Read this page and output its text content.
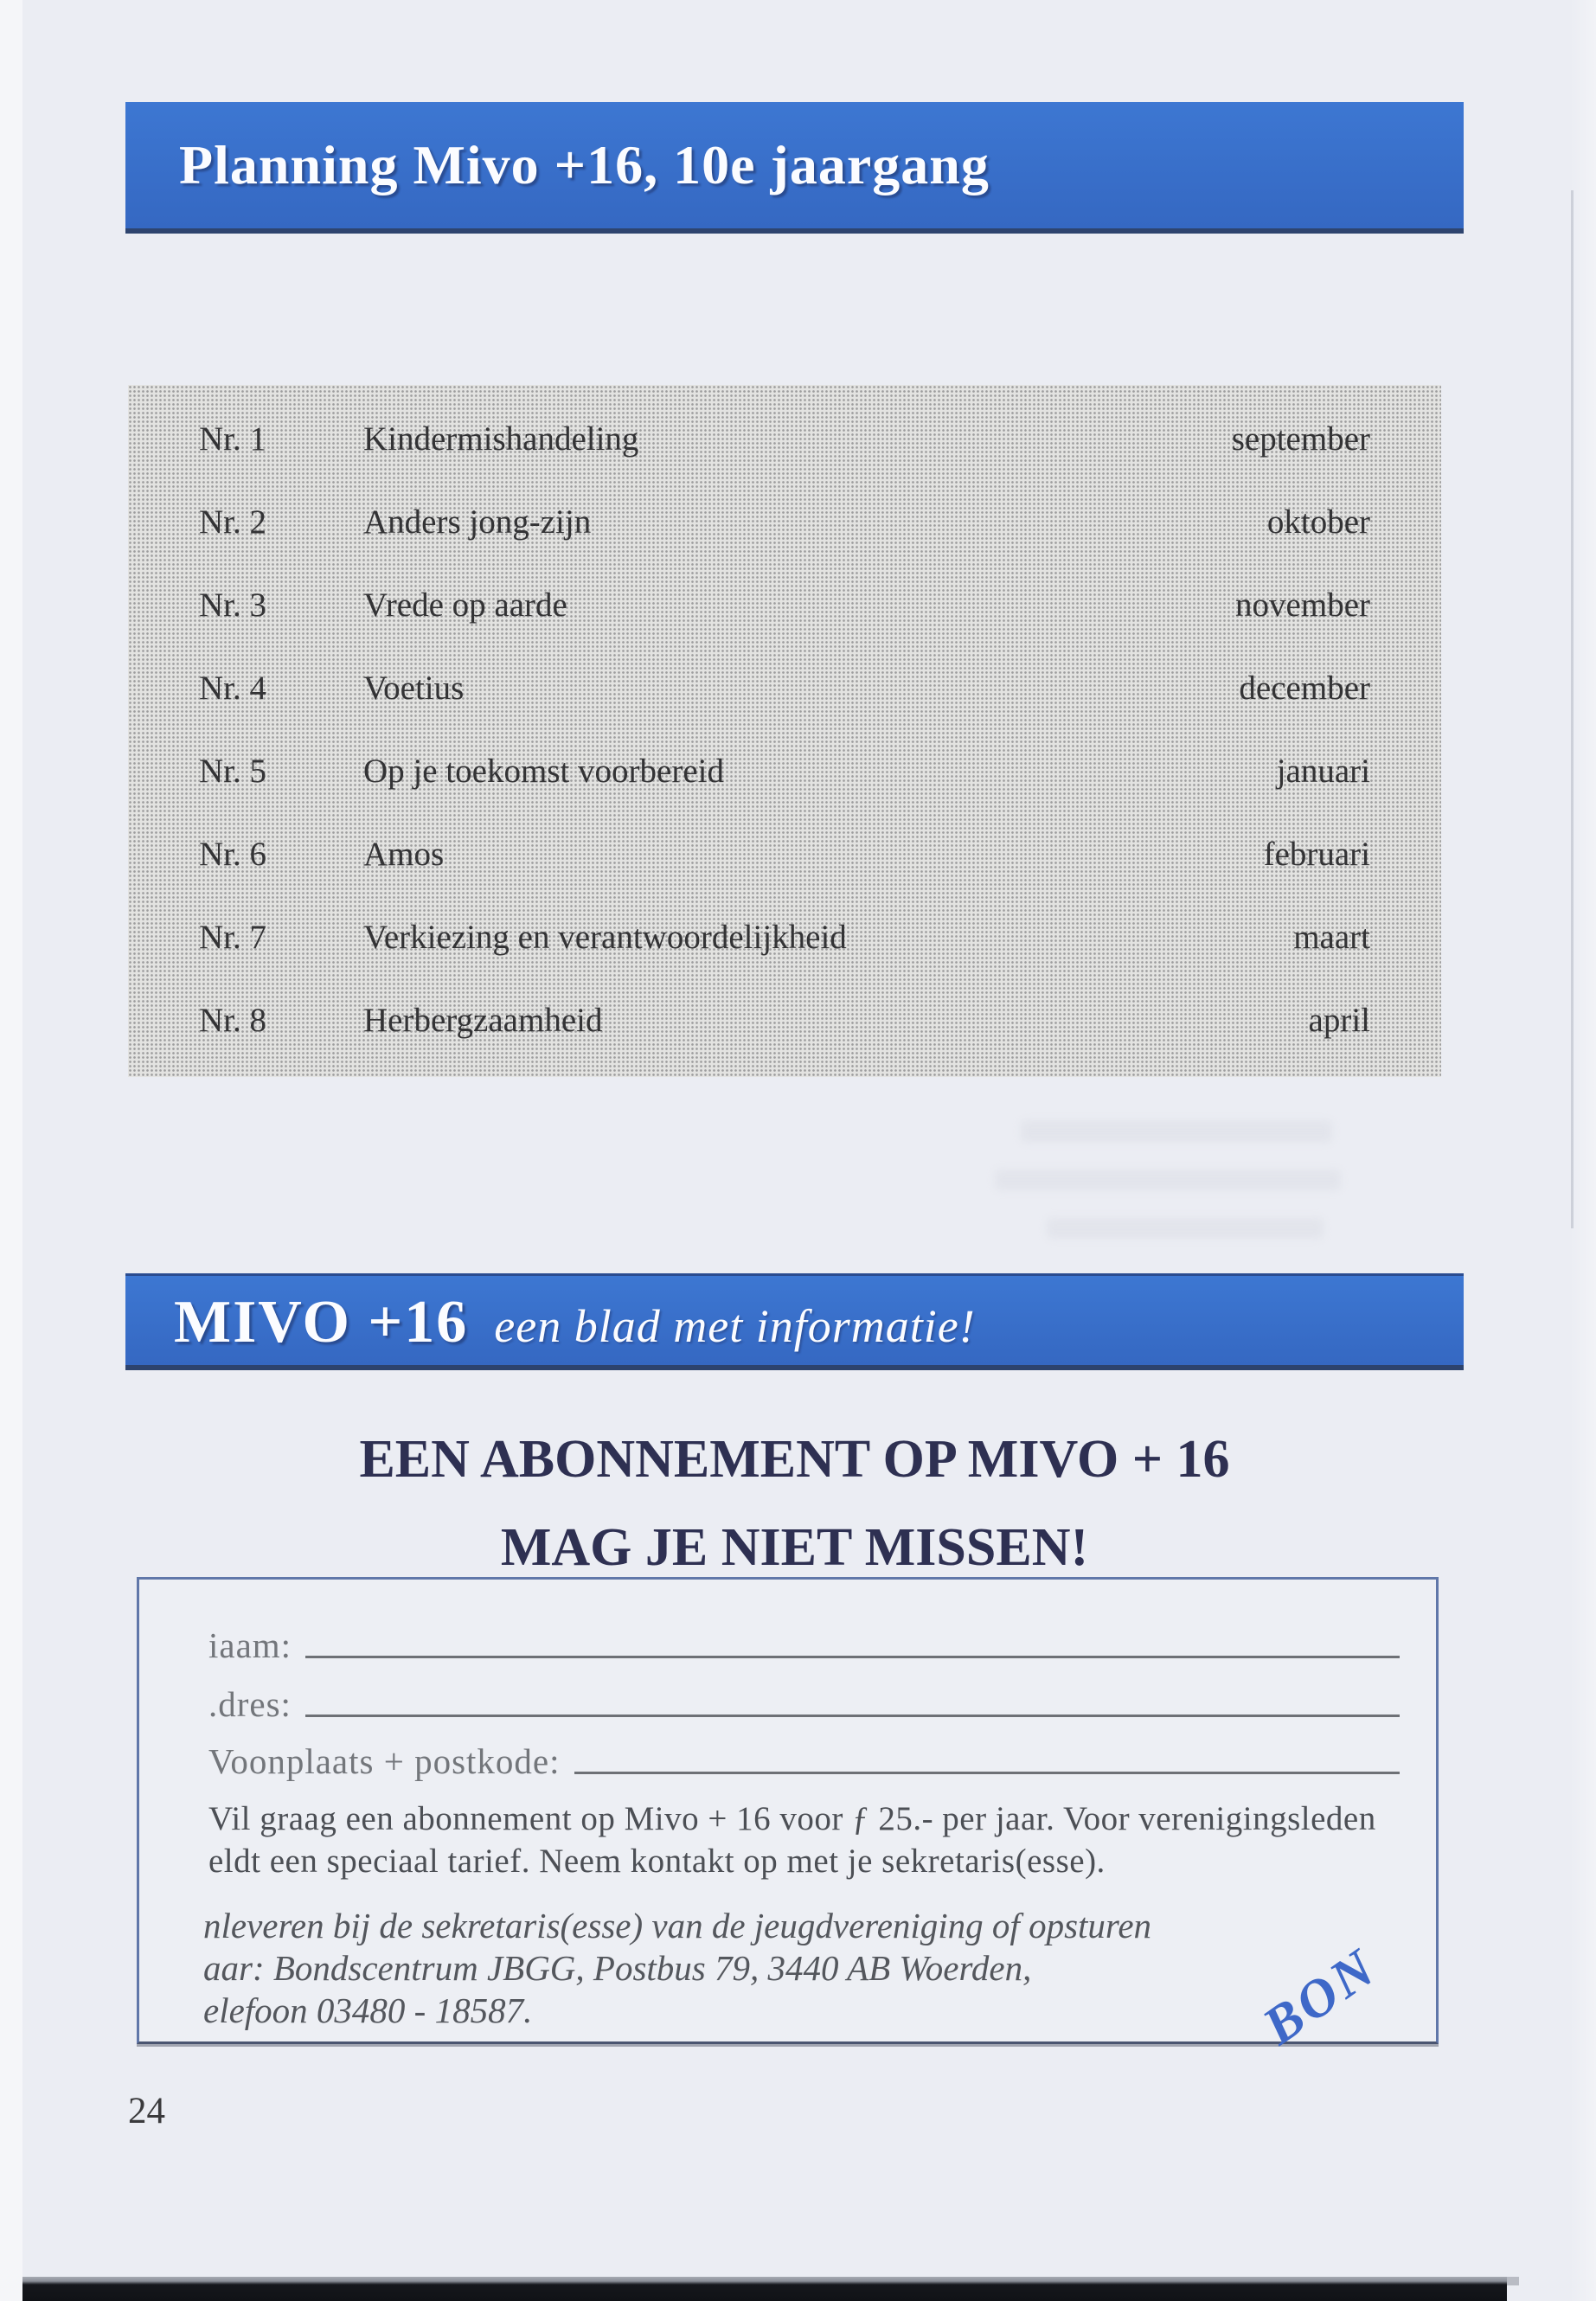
Planning Mivo +16, 10e jaargang
Nr. 1	Kindermishandeling	september
Nr. 2	Anders jong-zijn	oktober
Nr. 3	Vrede op aarde	november
Nr. 4	Voetius	december
Nr. 5	Op je toekomst voorbereid	januari
Nr. 6	Amos	februari
Nr. 7	Verkiezing en verantwoordelijkheid	maart
Nr. 8	Herbergzaamheid	april
MIVO +16 een blad met informatie!
EEN ABONNEMENT OP MIVO + 16
MAG JE NIET MISSEN!
iaam:
.dres:
Voonplaats + postkode:
Vil graag een abonnement op Mivo + 16 voor ƒ 25.- per jaar. Voor verenigingsleden
eldt een speciaal tarief. Neem kontakt op met je sekretaris(esse).
nleveren bij de sekretaris(esse) van de jeugdvereniging of opsturen
aar: Bondscentrum JBGG, Postbus 79, 3440 AB Woerden,
elefoon 03480 - 18587.	BON
24
